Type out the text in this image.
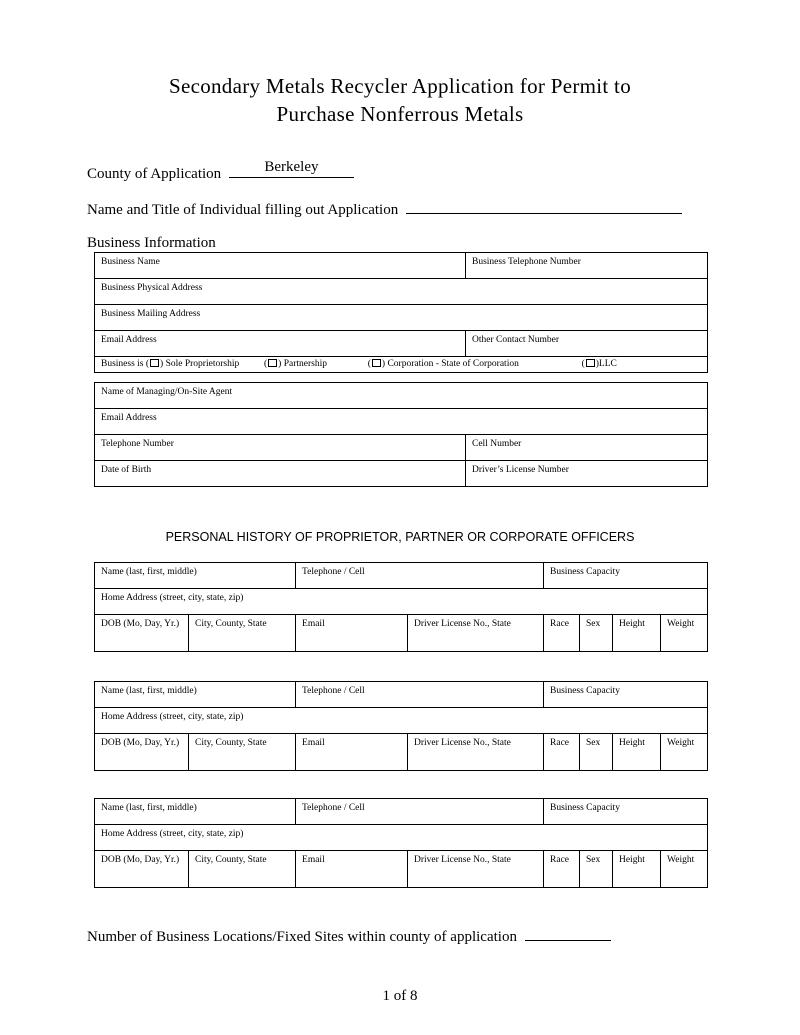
Secondary Metals Recycler Application for Permit to
Purchase Nonferrous Metals
County of Application	Berkeley
Name and Title of Individual filling out Application
Business Information
Business Name	Business Telephone Number
Business Physical Address	
Business Mailing Address	
Email Address	Other Contact Number
Business is ( ) Sole Proprietorship ( ) Partnership ( ) Corporation - State of Corporation ( )LLC	
Name of Managing/On-Site Agent	
Email Address	
Telephone Number	Cell Number
Date of Birth	Driver’s License Number
PERSONAL HISTORY OF PROPRIETOR, PARTNER OR CORPORATE OFFICERS
Name (last, first, middle)		Telephone / Cell		Business Capacity			
Home Address (street, city, state, zip)							
DOB (Mo, Day, Yr.)	City, County, State	Email	Driver License No., State	Race	Sex	Height	Weight
Name (last, first, middle)		Telephone / Cell		Business Capacity			
Home Address (street, city, state, zip)							
DOB (Mo, Day, Yr.)	City, County, State	Email	Driver License No., State	Race	Sex	Height	Weight
Name (last, first, middle)		Telephone / Cell		Business Capacity			
Home Address (street, city, state, zip)							
DOB (Mo, Day, Yr.)	City, County, State	Email	Driver License No., State	Race	Sex	Height	Weight
Number of Business Locations/Fixed Sites within county of application
1 of 8
